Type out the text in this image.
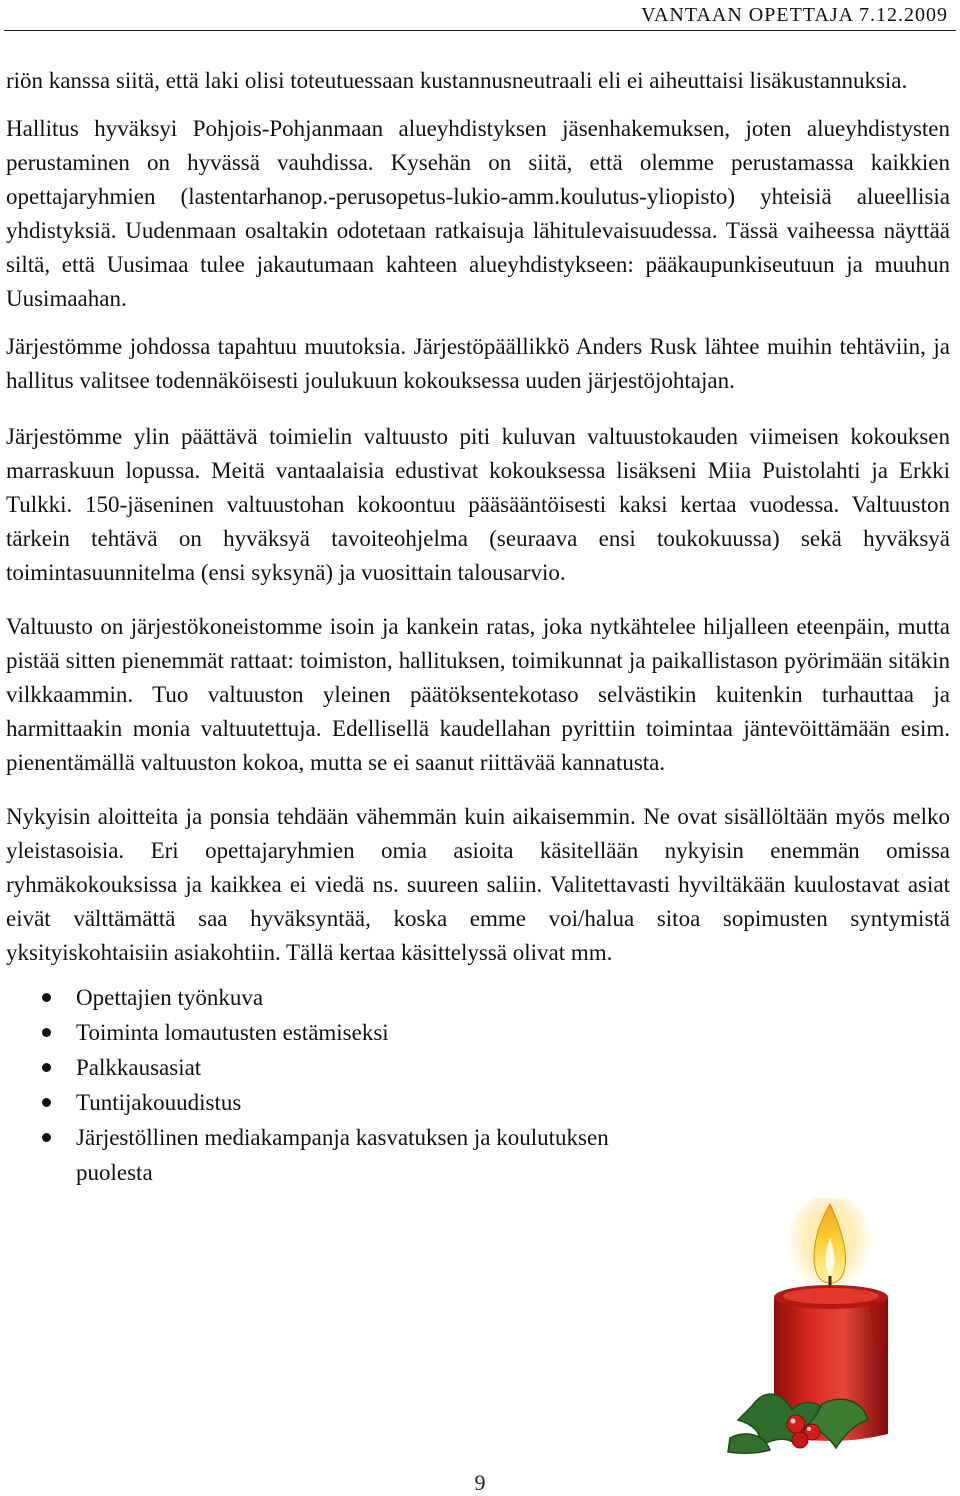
VANTAAN OPETTAJA 7.12.2009

riön kanssa siitä, että laki olisi toteutuessaan kustannusneutraali eli ei aiheuttaisi lisäkustannuksia.

Hallitus hyväksyi Pohjois-Pohjanmaan alueyhdistyksen jäsenhakemuksen, joten alueyhdistysten perustaminen on hyvässä vauhdissa. Kysehän on siitä, että olemme perustamassa kaikkien opettajaryhmien (lastentarhanop.-perusopetus-lukio-amm.koulutus-yliopisto) yhteisiä alueellisia yhdistyksiä. Uudenmaan osaltakin odotetaan ratkaisuja lähitulevaisuudessa. Tässä vaiheessa näyttää siltä, että Uusimaa tulee jakautumaan kahteen alueyhdistykseen: pääkaupunkiseutuun ja muuhun Uusimaahan.

Järjestömme johdossa tapahtuu muutoksia. Järjestöpäällikkö Anders Rusk lähtee muihin tehtäviin, ja hallitus valitsee todennäköisesti joulukuun kokouksessa uuden järjestöjohtajan.

Järjestömme ylin päättävä toimielin valtuusto piti kuluvan valtuustokauden viimeisen kokouksen marraskuun lopussa. Meitä vantaalaisia edustivat kokouksessa lisäkseni Miia Puistolahti ja Erkki Tulkki. 150-jäseninen valtuustohan kokoontuu pääsääntöisesti kaksi kertaa vuodessa. Valtuuston tärkein tehtävä on hyväksyä tavoiteohjelma (seuraava ensi toukokuussa) sekä hyväksyä toimintasuunnitelma (ensi syksynä) ja vuosittain talousarvio.

Valtuusto on järjestökoneistomme isoin ja kankein ratas, joka nytkähtelee hiljalleen eteenpäin, mutta pistää sitten pienemmät rattaat: toimiston, hallituksen, toimikunnat ja paikallistason pyörimään sitäkin vilkkaammin. Tuo valtuuston yleinen päätöksentekotaso selvästikin kuitenkin turhauttaa ja harmittaakin monia valtuutettuja. Edellisellä kaudellahan pyrittiin toimintaa jäntevöittämään esim. pienentämällä valtuuston kokoa, mutta se ei saanut riittävää kannatusta.

Nykyisin aloitteita ja ponsia tehdään vähemmän kuin aikaisemmin. Ne ovat sisällöltään myös melko yleistasoisia. Eri opettajaryhmien omia asioita käsitellään nykyisin enemmän omissa ryhmäkokouksissa ja kaikkea ei viedä ns. suureen saliin. Valitettavasti hyviltäkään kuulostavat asiat eivät välttämättä saa hyväksyntää, koska emme voi/halua sitoa sopimusten syntymistä yksityiskohtaisiin asiakohtiin. Tällä kertaa käsittelyssä olivat mm.

Opettajien työnkuva
Toiminta lomautusten estämiseksi
Palkkausasiat
Tuntijakouudistus
Järjestöllinen mediakampanja kasvatuksen ja koulutuksen puolesta
9
